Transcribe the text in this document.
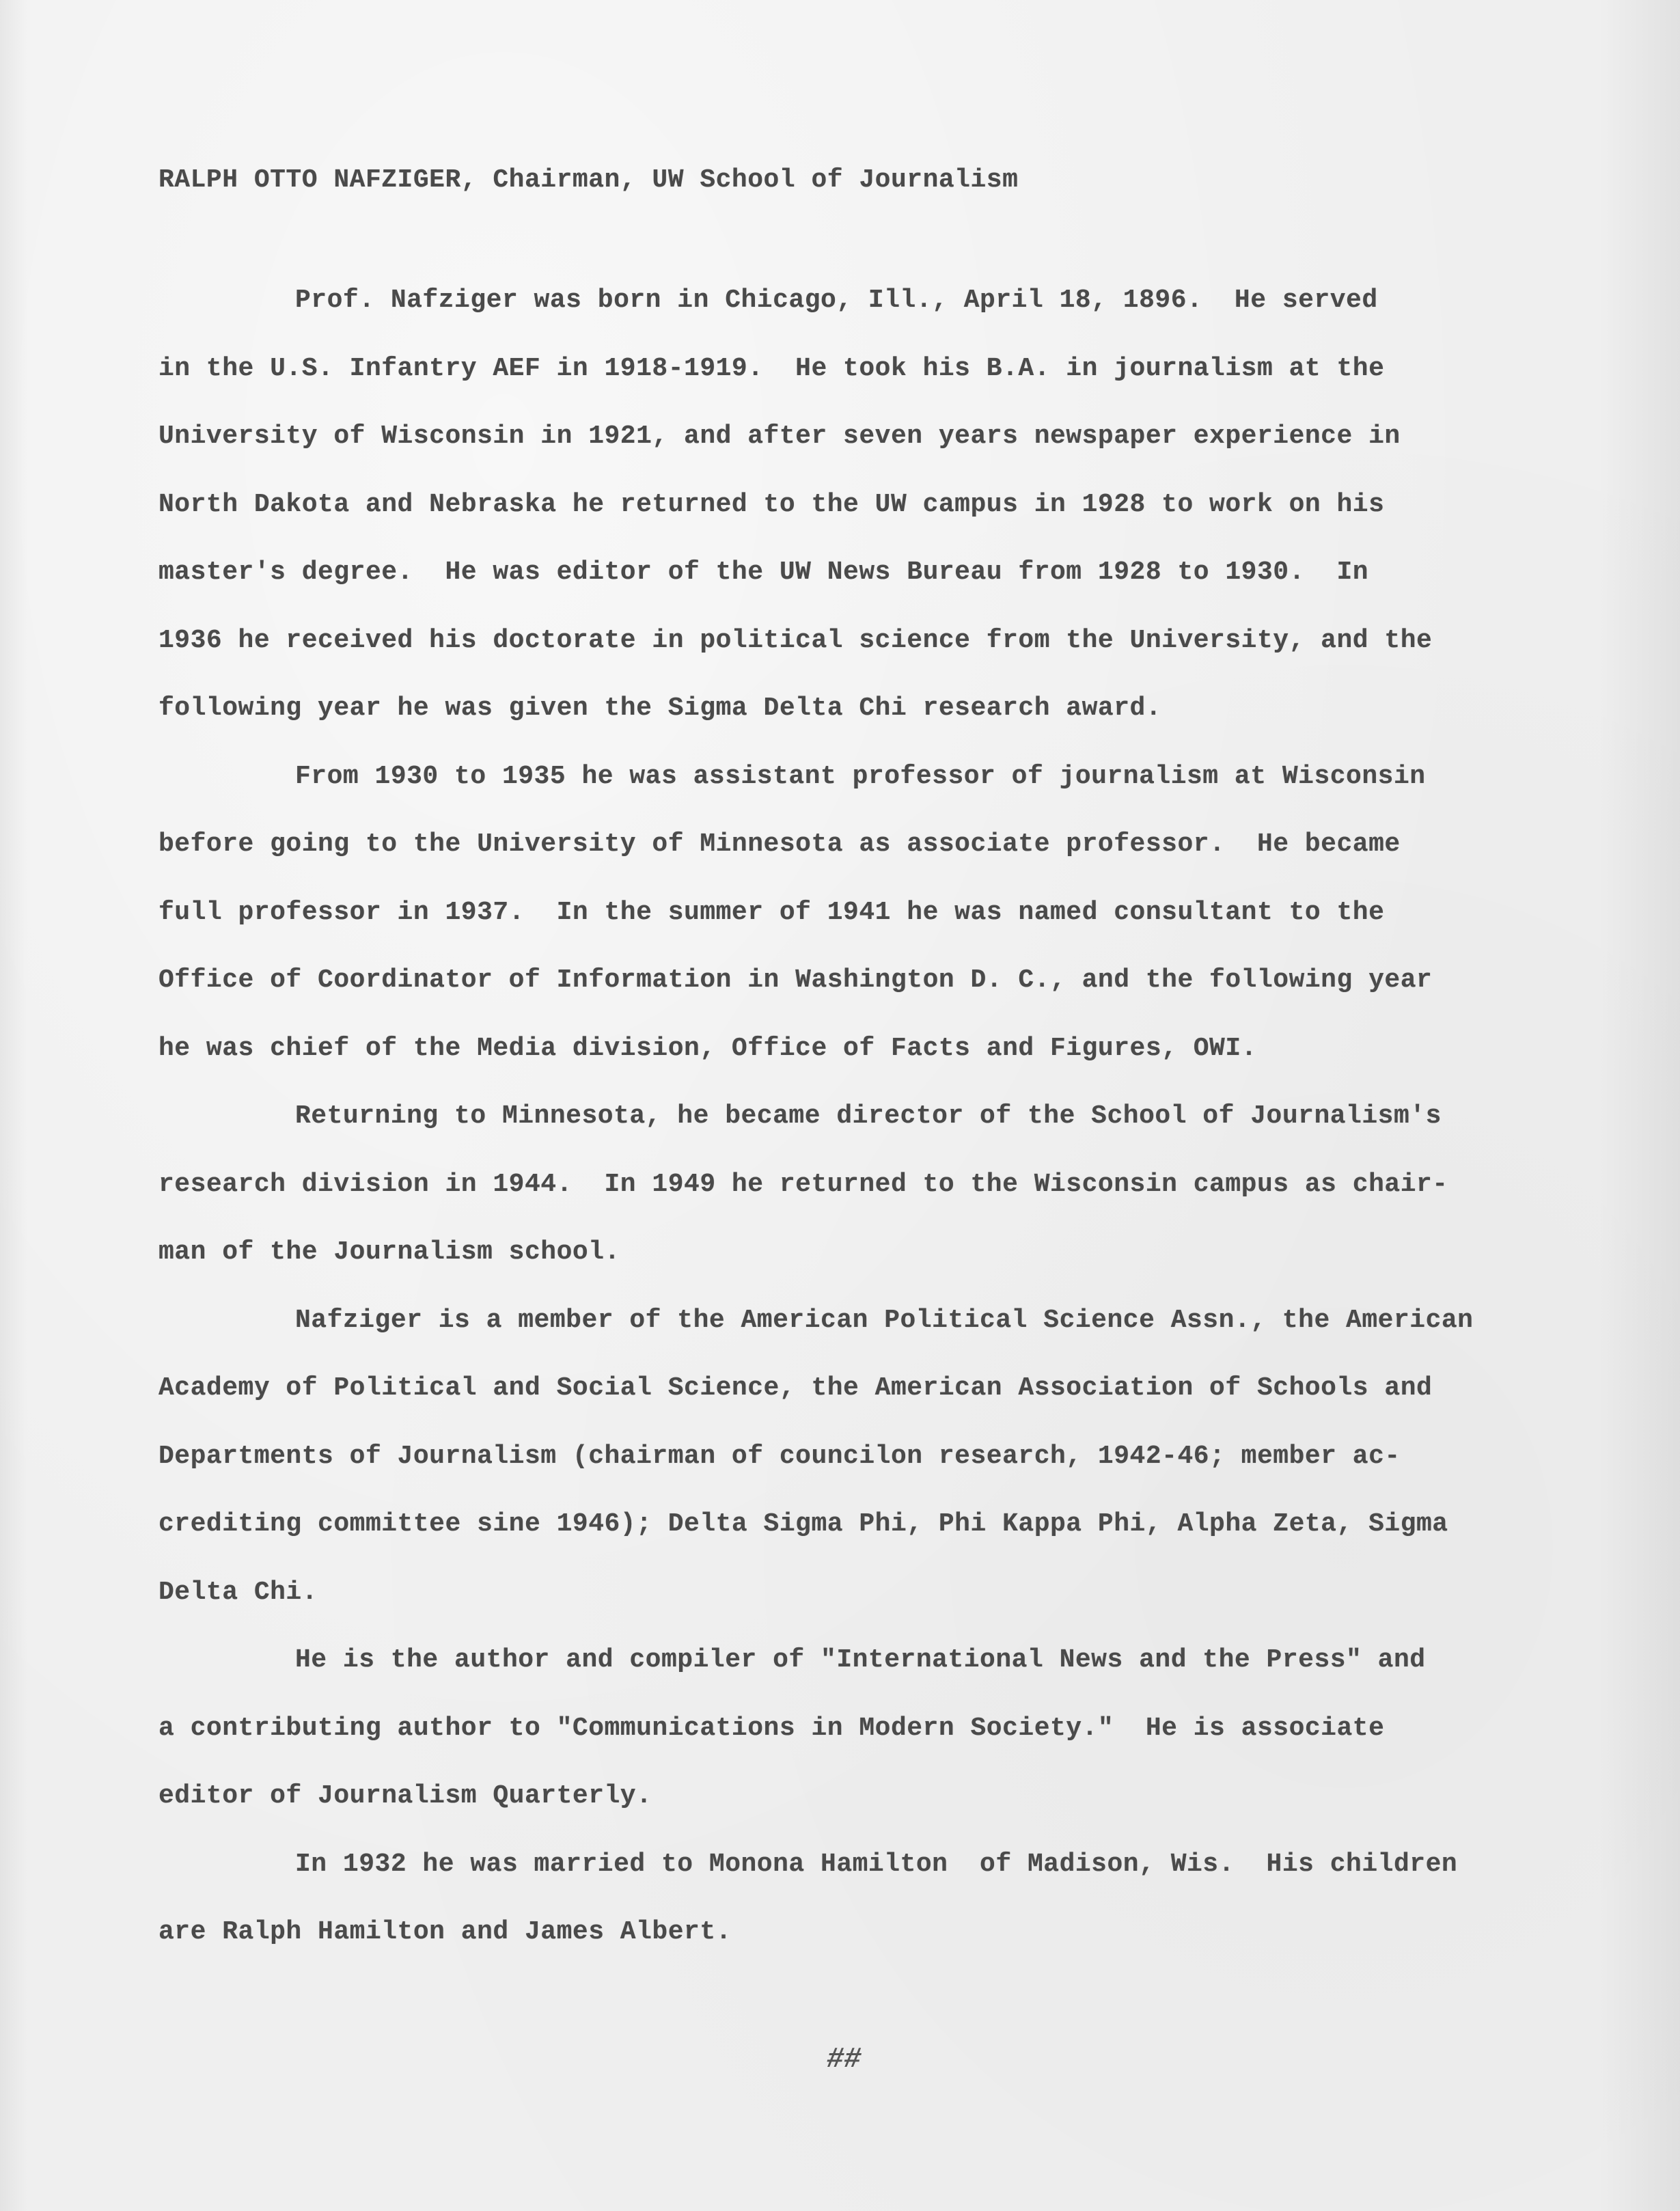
RALPH OTTO NAFZIGER, Chairman, UW School of Journalism
Prof. Nafziger was born in Chicago, Ill., April 18, 1896.  He served
in the U.S. Infantry AEF in 1918-1919.  He took his B.A. in journalism at the
University of Wisconsin in 1921, and after seven years newspaper experience in
North Dakota and Nebraska he returned to the UW campus in 1928 to work on his
master's degree.  He was editor of the UW News Bureau from 1928 to 1930.  In
1936 he received his doctorate in political science from the University, and the
following year he was given the Sigma Delta Chi research award.
From 1930 to 1935 he was assistant professor of journalism at Wisconsin
before going to the University of Minnesota as associate professor.  He became
full professor in 1937.  In the summer of 1941 he was named consultant to the
Office of Coordinator of Information in Washington D. C., and the following year
he was chief of the Media division, Office of Facts and Figures, OWI.
Returning to Minnesota, he became director of the School of Journalism's
research division in 1944.  In 1949 he returned to the Wisconsin campus as chair-
man of the Journalism school.
Nafziger is a member of the American Political Science Assn., the American
Academy of Political and Social Science, the American Association of Schools and
Departments of Journalism (chairman of councilon research, 1942-46; member ac-
crediting committee sine 1946); Delta Sigma Phi, Phi Kappa Phi, Alpha Zeta, Sigma
Delta Chi.
He is the author and compiler of "International News and the Press" and
a contributing author to "Communications in Modern Society."  He is associate
editor of Journalism Quarterly.
In 1932 he was married to Monona Hamilton  of Madison, Wis.  His children
are Ralph Hamilton and James Albert.
##
